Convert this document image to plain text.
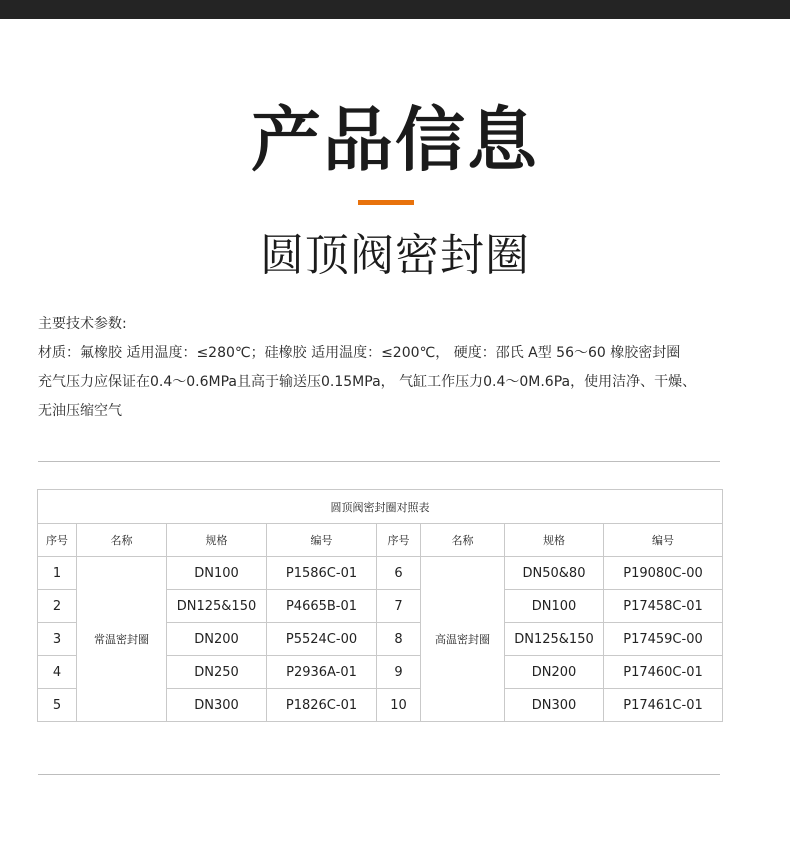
产品信息
圆顶阀密封圈
主要技术参数:
材质：氟橡胶 适用温度：≤280℃；硅橡胶 适用温度：≤200℃， 硬度：邵氏 A型 56～60 橡胶密封圈
充气压力应保证在0.4～0.6MPa且高于输送压0.15MPa， 气缸工作压力0.4～0M.6Pa，使用洁净、干燥、
无油压缩空气
圆顶阀密封圈对照表							
序号	名称	规格	编号	序号	名称	规格	编号
1	常温密封圈	DN100	P1586C-01	6	高温密封圈	DN50&80	P19080C-00
2		DN125&150	P4665B-01	7		DN100	P17458C-01
3		DN200	P5524C-00	8		DN125&150	P17459C-00
4		DN250	P2936A-01	9		DN200	P17460C-01
5		DN300	P1826C-01	10		DN300	P17461C-01
